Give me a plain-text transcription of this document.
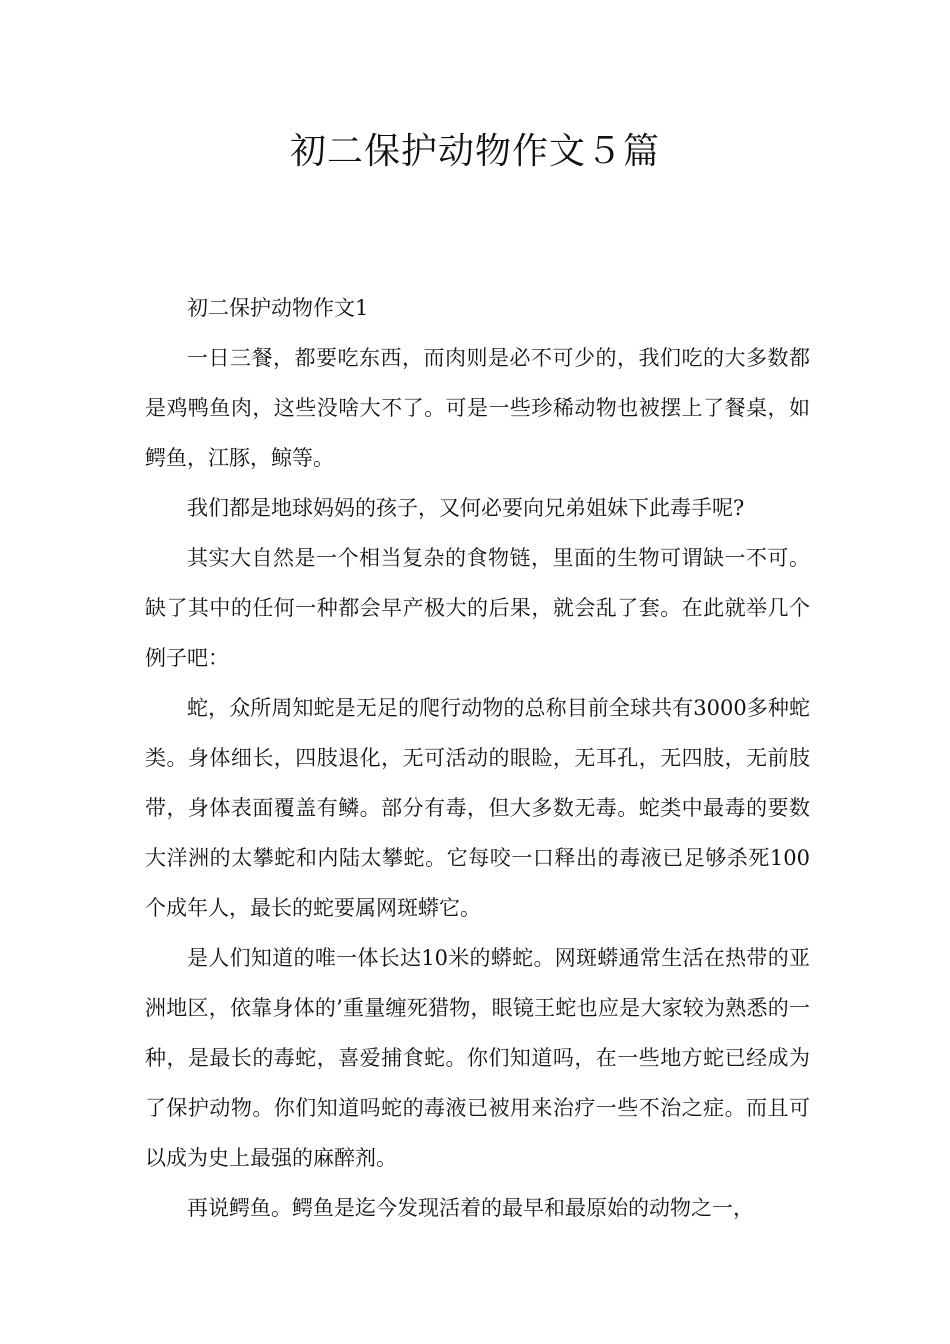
初二保护动物作文５篇

初二保护动物作文1

一日三餐，都要吃东西，而肉则是必不可少的，我们吃的大多数都是鸡鸭鱼肉，这些没啥大不了。可是一些珍稀动物也被摆上了餐桌，如鳄鱼，江豚，鲸等。

我们都是地球妈妈的孩子，又何必要向兄弟姐妹下此毒手呢?

其实大自然是一个相当复杂的食物链，里面的生物可谓缺一不可。缺了其中的任何一种都会早产极大的后果，就会乱了套。在此就举几个例子吧：

蛇，众所周知蛇是无足的爬行动物的总称目前全球共有3000多种蛇类。身体细长，四肢退化，无可活动的眼睑，无耳孔，无四肢，无前肢带，身体表面覆盖有鳞。部分有毒，但大多数无毒。蛇类中最毒的要数大洋洲的太攀蛇和内陆太攀蛇。它每咬一口释出的毒液已足够杀死100个成年人，最长的蛇要属网斑蟒它。

是人们知道的唯一体长达10米的蟒蛇。网斑蟒通常生活在热带的亚洲地区，依靠身体的’重量缠死猎物，眼镜王蛇也应是大家较为熟悉的一种，是最长的毒蛇，喜爱捕食蛇。你们知道吗，在一些地方蛇已经成为了保护动物。你们知道吗蛇的毒液已被用来治疗一些不治之症。而且可以成为史上最强的麻醉剂。

再说鳄鱼。鳄鱼是迄今发现活着的最早和最原始的动物之一，
